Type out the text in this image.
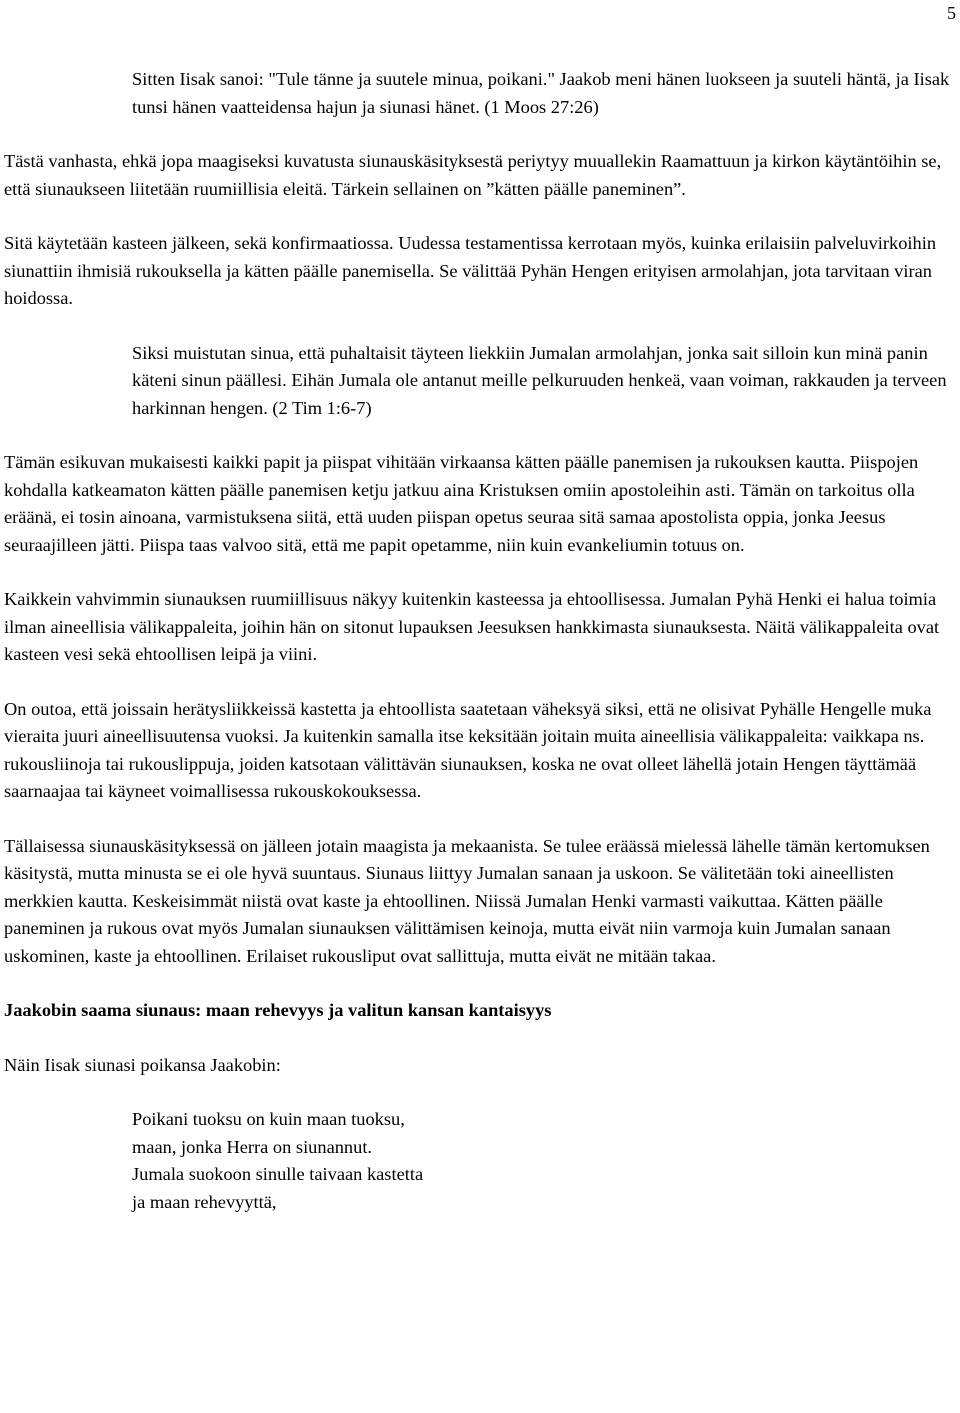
5

Sitten Iisak sanoi: "Tule tänne ja suutele minua, poikani." Jaakob meni hänen luokseen ja suuteli häntä, ja Iisak tunsi hänen vaatteidensa hajun ja siunasi hänet. (1 Moos 27:26)

Tästä vanhasta, ehkä jopa maagiseksi kuvatusta siunauskäsityksestä periytyy muuallekin Raamattuun ja kirkon käytäntöihin se, että siunaukseen liitetään ruumiillisia eleitä. Tärkein sellainen on ”kätten päälle paneminen”.

Sitä käytetään kasteen jälkeen, sekä konfirmaatiossa. Uudessa testamentissa kerrotaan myös, kuinka erilaisiin palveluvirkoihin siunattiin ihmisiä rukouksella ja kätten päälle panemisella. Se välittää Pyhän Hengen erityisen armolahjan, jota tarvitaan viran hoidossa.

Siksi muistutan sinua, että puhaltaisit täyteen liekkiin Jumalan armolahjan, jonka sait silloin kun minä panin käteni sinun päällesi. Eihän Jumala ole antanut meille pelkuruuden henkeä, vaan voiman, rakkauden ja terveen harkinnan hengen. (2 Tim 1:6-7)

Tämän esikuvan mukaisesti kaikki papit ja piispat vihitään virkaansa kätten päälle panemisen ja rukouksen kautta. Piispojen kohdalla katkeamaton kätten päälle panemisen ketju jatkuu aina Kristuksen omiin apostoleihin asti. Tämän on tarkoitus olla eräänä, ei tosin ainoana, varmistuksena siitä, että uuden piispan opetus seuraa sitä samaa apostolista oppia, jonka Jeesus seuraajilleen jätti. Piispa taas valvoo sitä, että me papit opetamme, niin kuin evankeliumin totuus on.

Kaikkein vahvimmin siunauksen ruumiillisuus näkyy kuitenkin kasteessa ja ehtoollisessa. Jumalan Pyhä Henki ei halua toimia ilman aineellisia välikappaleita, joihin hän on sitonut lupauksen Jeesuksen hankkimasta siunauksesta. Näitä välikappaleita ovat kasteen vesi sekä ehtoollisen leipä ja viini.

On outoa, että joissain herätysliikkeissä kastetta ja ehtoollista saatetaan väheksyä siksi, että ne olisivat Pyhälle Hengelle muka vieraita juuri aineellisuutensa vuoksi. Ja kuitenkin samalla itse keksitään joitain muita aineellisia välikappaleita: vaikkapa ns. rukousliinoja tai rukouslippuja, joiden katsotaan välittävän siunauksen, koska ne ovat olleet lähellä jotain Hengen täyttämää saarnaajaa tai käyneet voimallisessa rukouskokouksessa.

Tällaisessa siunauskäsityksessä on jälleen jotain maagista ja mekaanista. Se tulee eräässä mielessä lähelle tämän kertomuksen käsitystä, mutta minusta se ei ole hyvä suuntaus. Siunaus liittyy Jumalan sanaan ja uskoon. Se välitetään toki aineellisten merkkien kautta. Keskeisimmät niistä ovat kaste ja ehtoollinen. Niissä Jumalan Henki varmasti vaikuttaa. Kätten päälle paneminen ja rukous ovat myös Jumalan siunauksen välittämisen keinoja, mutta eivät niin varmoja kuin Jumalan sanaan uskominen, kaste ja ehtoollinen. Erilaiset rukousliput ovat sallittuja, mutta eivät ne mitään takaa.

Jaakobin saama siunaus: maan rehevyys ja valitun kansan kantaisyys

Näin Iisak siunasi poikansa Jaakobin:

Poikani tuoksu on kuin maan tuoksu,
maan, jonka Herra on siunannut.
Jumala suokoon sinulle taivaan kastetta
ja maan rehevyyttä,
